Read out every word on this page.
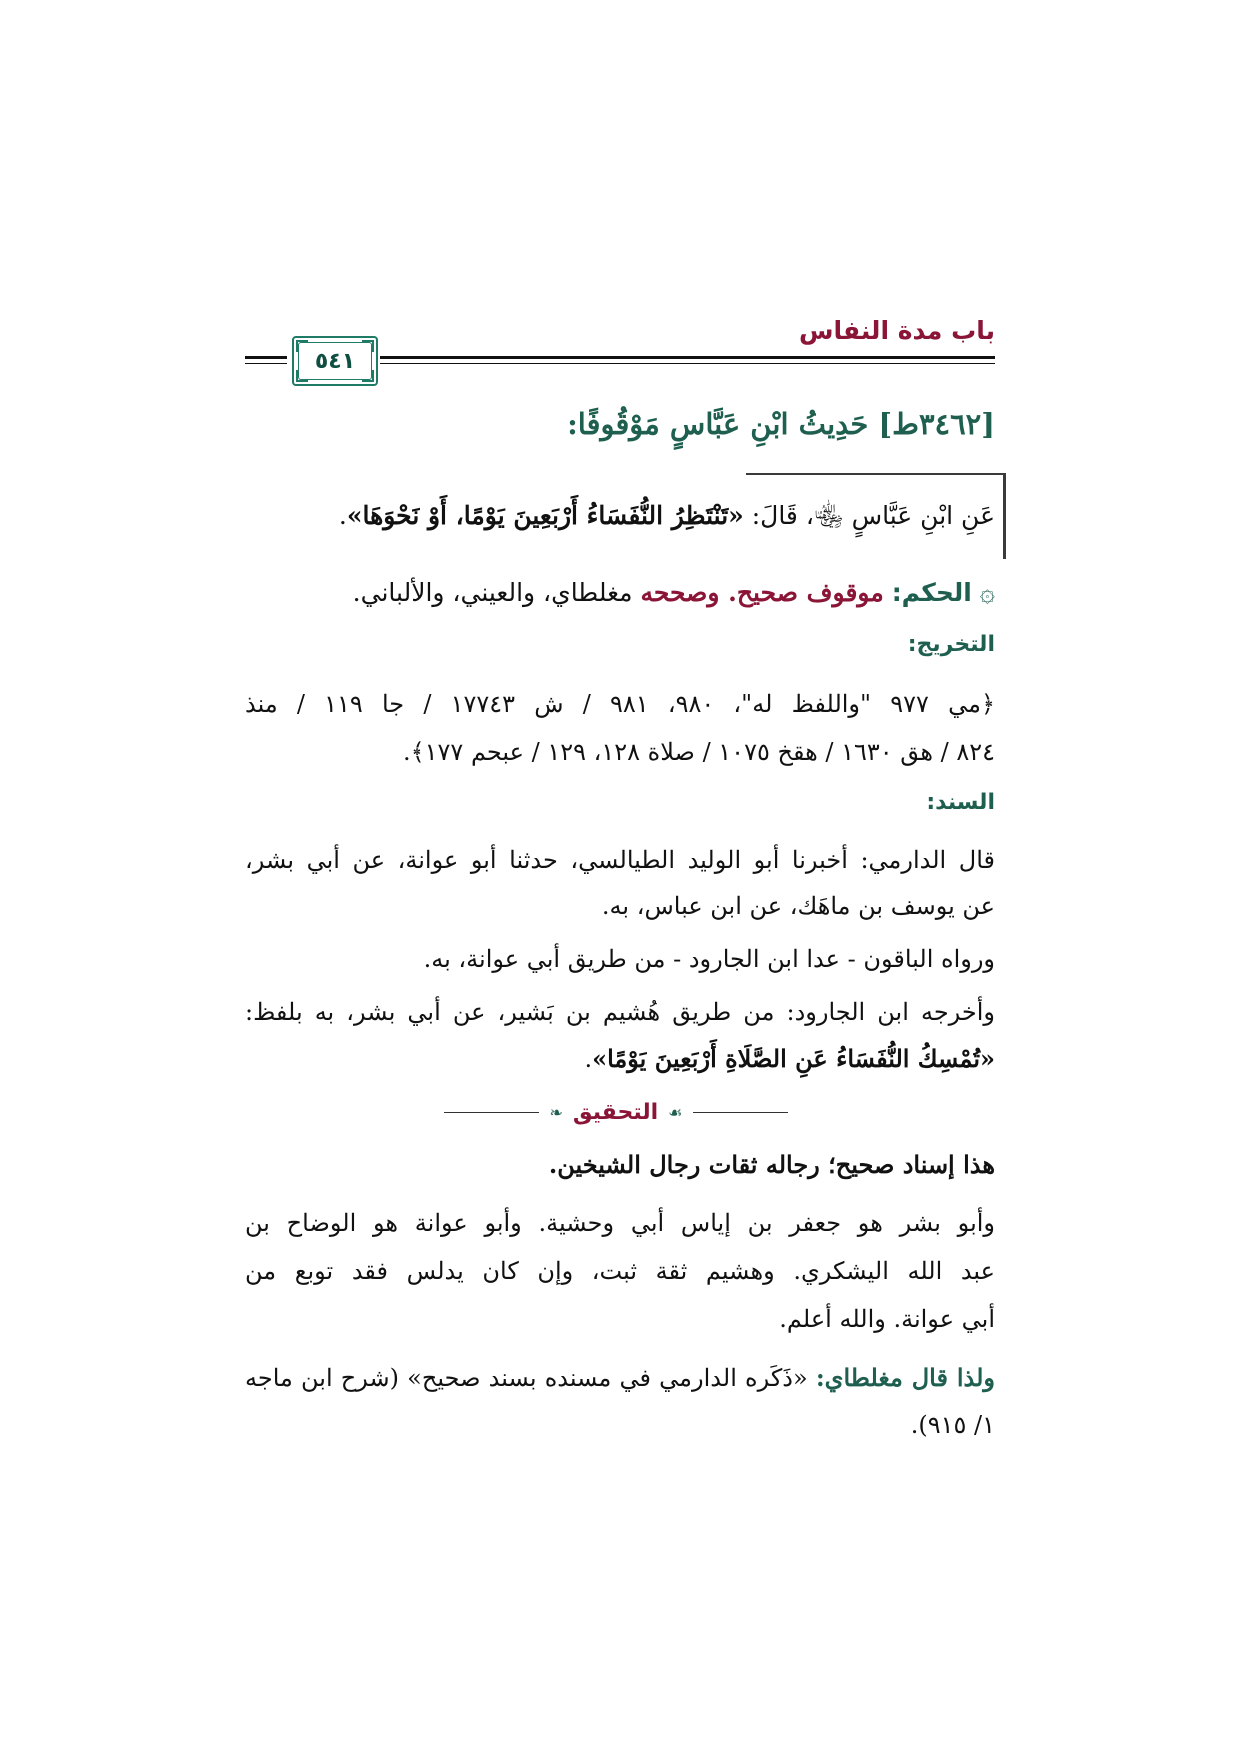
باب مدة النفاس
٥٤١
[٣٤٦٢ط] حَدِيثُ ابْنِ عَبَّاسٍ مَوْقُوفًا:
عَنِ ابْنِ عَبَّاسٍ ﵄، قَالَ: «تَنْتَظِرُ النُّفَسَاءُ أَرْبَعِينَ يَوْمًا، أَوْ نَحْوَهَا».
۞ الحكم: موقوف صحيح. وصححه مغلطاي، والعيني، والألباني.
التخريج:
﴿مي ٩٧٧ "واللفظ له"، ٩٨٠، ٩٨١ / ش ١٧٧٤٣ / جا ١١٩ / منذ
٨٢٤ / هق ١٦٣٠ / هقخ ١٠٧٥ / صلاة ١٢٨، ١٢٩ / عبحم ١٧٧﴾.
السند:
قال الدارمي: أخبرنا أبو الوليد الطيالسي، حدثنا أبو عوانة، عن أبي بشر،
عن يوسف بن ماهَك، عن ابن عباس، به.
ورواه الباقون - عدا ابن الجارود - من طريق أبي عوانة، به.
وأخرجه ابن الجارود: من طريق هُشيم بن بَشير، عن أبي بشر، به بلفظ:
«تُمْسِكُ النُّفَسَاءُ عَنِ الصَّلَاةِ أَرْبَعِينَ يَوْمًا».
❧ التحقيق ☙
هذا إسناد صحيح؛ رجاله ثقات رجال الشيخين.
وأبو بشر هو جعفر بن إياس أبي وحشية. وأبو عوانة هو الوضاح بن
عبد الله اليشكري. وهشيم ثقة ثبت، وإن كان يدلس فقد توبع من
أبي عوانة. والله أعلم.
ولذا قال مغلطاي: «ذَكَره الدارمي في مسنده بسند صحيح» (شرح ابن ماجه
١/ ٩١٥).
